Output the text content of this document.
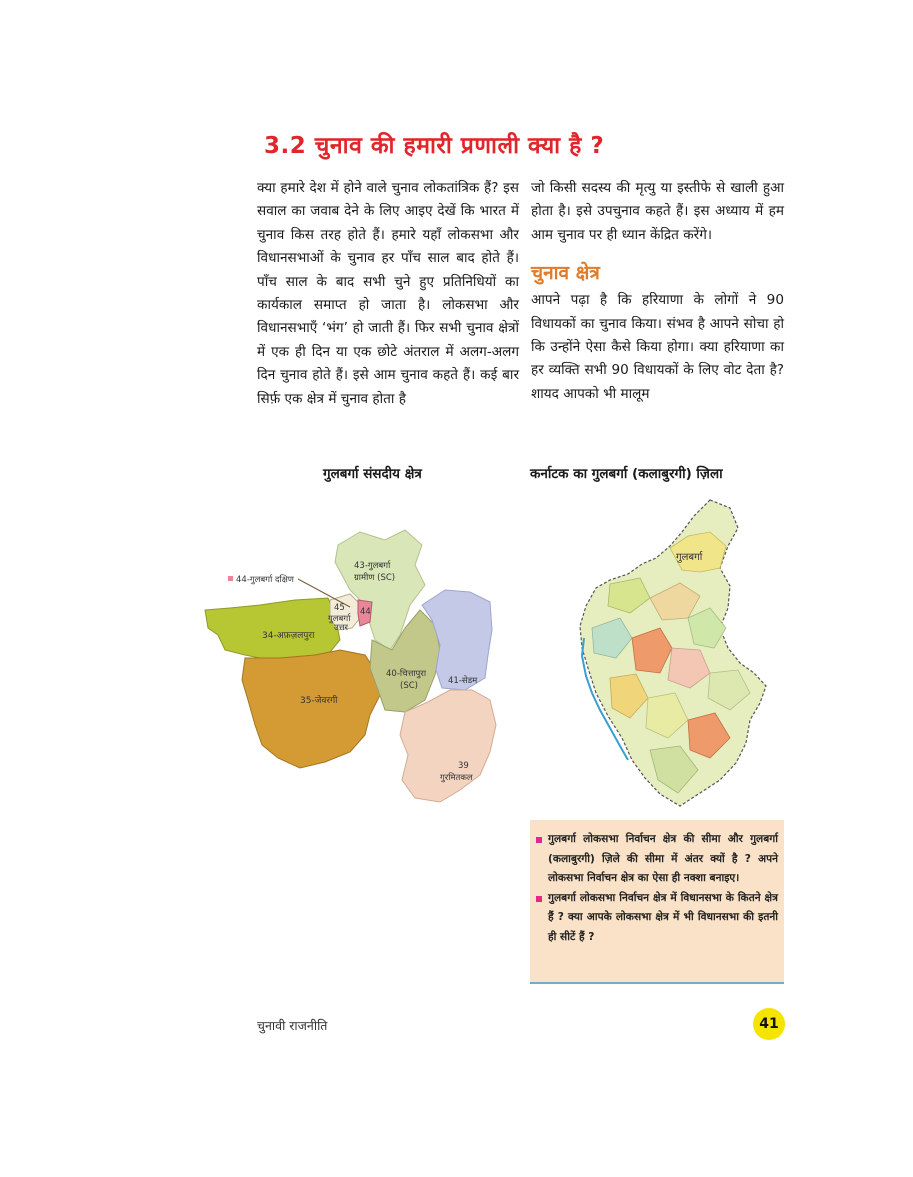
3.2 चुनाव की हमारी प्रणाली क्या है ?

क्या हमारे देश में होने वाले चुनाव लोकतांत्रिक हैं? इस सवाल का जवाब देने के लिए आइए देखें कि भारत में चुनाव किस तरह होते हैं। हमारे यहाँ लोकसभा और विधानसभाओं के चुनाव हर पाँच साल बाद होते हैं। पाँच साल के बाद सभी चुने हुए प्रतिनिधियों का कार्यकाल समाप्त हो जाता है। लोकसभा और विधानसभाएँ ‘भंग’ हो जाती हैं। फिर सभी चुनाव क्षेत्रों में एक ही दिन या एक छोटे अंतराल में अलग-अलग दिन चुनाव होते हैं। इसे आम चुनाव कहते हैं। कई बार सिर्फ़ एक क्षेत्र में चुनाव होता है

जो किसी सदस्य की मृत्यु या इस्तीफे से खाली हुआ होता है। इसे उपचुनाव कहते हैं। इस अध्याय में हम आम चुनाव पर ही ध्यान केंद्रित करेंगे।

चुनाव क्षेत्र

आपने पढ़ा है कि हरियाणा के लोगों ने 90 विधायकों का चुनाव किया। संभव है आपने सोचा हो कि उन्होंने ऐसा कैसे किया होगा। क्या हरियाणा का हर व्यक्ति सभी 90 विधायकों के लिए वोट देता है? शायद आपको भी मालूम

गुलबर्गा संसदीय क्षेत्र	कर्नाटक का गुलबर्गा (कलाबुरगी) ज़िला
44-गुलबर्गा दक्षिण
43-गुलबर्गा
ग्रामीण (SC)
45 44
गुलबर्गा
उत्तर
34-अफ़ज़लपुरा
40-चित्तापुरा
(SC)	41-सेडम
35-जेवरगी
39
गुरमितकल
गुलबर्गा
गुलबर्गा लोकसभा निर्वाचन क्षेत्र की सीमा और गुलबर्गा (कलाबुरगी) ज़िले की सीमा में अंतर क्यों है ? अपने लोकसभा निर्वाचन क्षेत्र का ऐसा ही नक्शा बनाइए।
गुलबर्गा लोकसभा निर्वाचन क्षेत्र में विधानसभा के कितने क्षेत्र हैं ? क्या आपके लोकसभा क्षेत्र में भी विधानसभा की इतनी ही सीटें हैं ?
चुनावी राजनीति	41
